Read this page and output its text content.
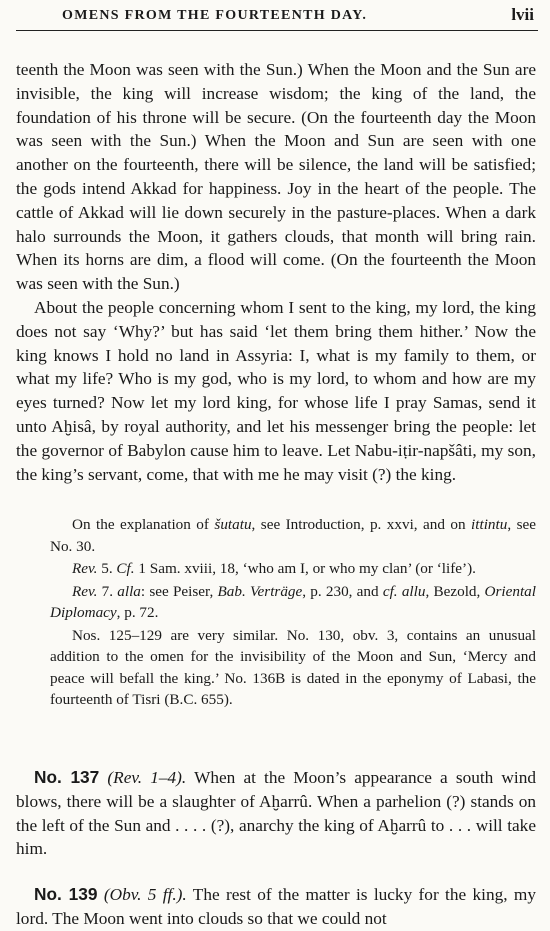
OMENS FROM THE FOURTEENTH DAY.	lvii

teenth the Moon was seen with the Sun.) When the Moon and the Sun are invisible, the king will increase wisdom; the king of the land, the foundation of his throne will be secure. (On the fourteenth day the Moon was seen with the Sun.) When the Moon and Sun are seen with one another on the fourteenth, there will be silence, the land will be satisfied; the gods intend Akkad for happiness. Joy in the heart of the people. The cattle of Akkad will lie down securely in the pasture-places. When a dark halo surrounds the Moon, it gathers clouds, that month will bring rain. When its horns are dim, a flood will come. (On the fourteenth the Moon was seen with the Sun.)

About the people concerning whom I sent to the king, my lord, the king does not say ‘Why?’ but has said ‘let them bring them hither.’ Now the king knows I hold no land in Assyria: I, what is my family to them, or what my life? Who is my god, who is my lord, to whom and how are my eyes turned? Now let my lord king, for whose life I pray Samas, send it unto Aḫisâ, by royal authority, and let his messenger bring the people: let the governor of Babylon cause him to leave. Let Nabu-iṭir-napšâti, my son, the king’s servant, come, that with me he may visit (?) the king.

On the explanation of šutatu, see Introduction, p. xxvi, and on ittintu, see No. 30.

Rev. 5. Cf. 1 Sam. xviii, 18, ‘who am I, or who my clan’ (or ‘life’).

Rev. 7. alla: see Peiser, Bab. Verträge, p. 230, and cf. allu, Bezold, Oriental Diplomacy, p. 72.

Nos. 125–129 are very similar. No. 130, obv. 3, contains an unusual addition to the omen for the invisibility of the Moon and Sun, ‘Mercy and peace will befall the king.’ No. 136B is dated in the eponymy of Labasi, the fourteenth of Tisri (B.C. 655).

No. 137 (Rev. 1–4). When at the Moon’s appearance a south wind blows, there will be a slaughter of Aḫarrû. When a parhelion (?) stands on the left of the Sun and . . . . (?), anarchy the king of Aḫarrû to . . . will take him.

No. 139 (Obv. 5 ff.). The rest of the matter is lucky for the king, my lord. The Moon went into clouds so that we could not
